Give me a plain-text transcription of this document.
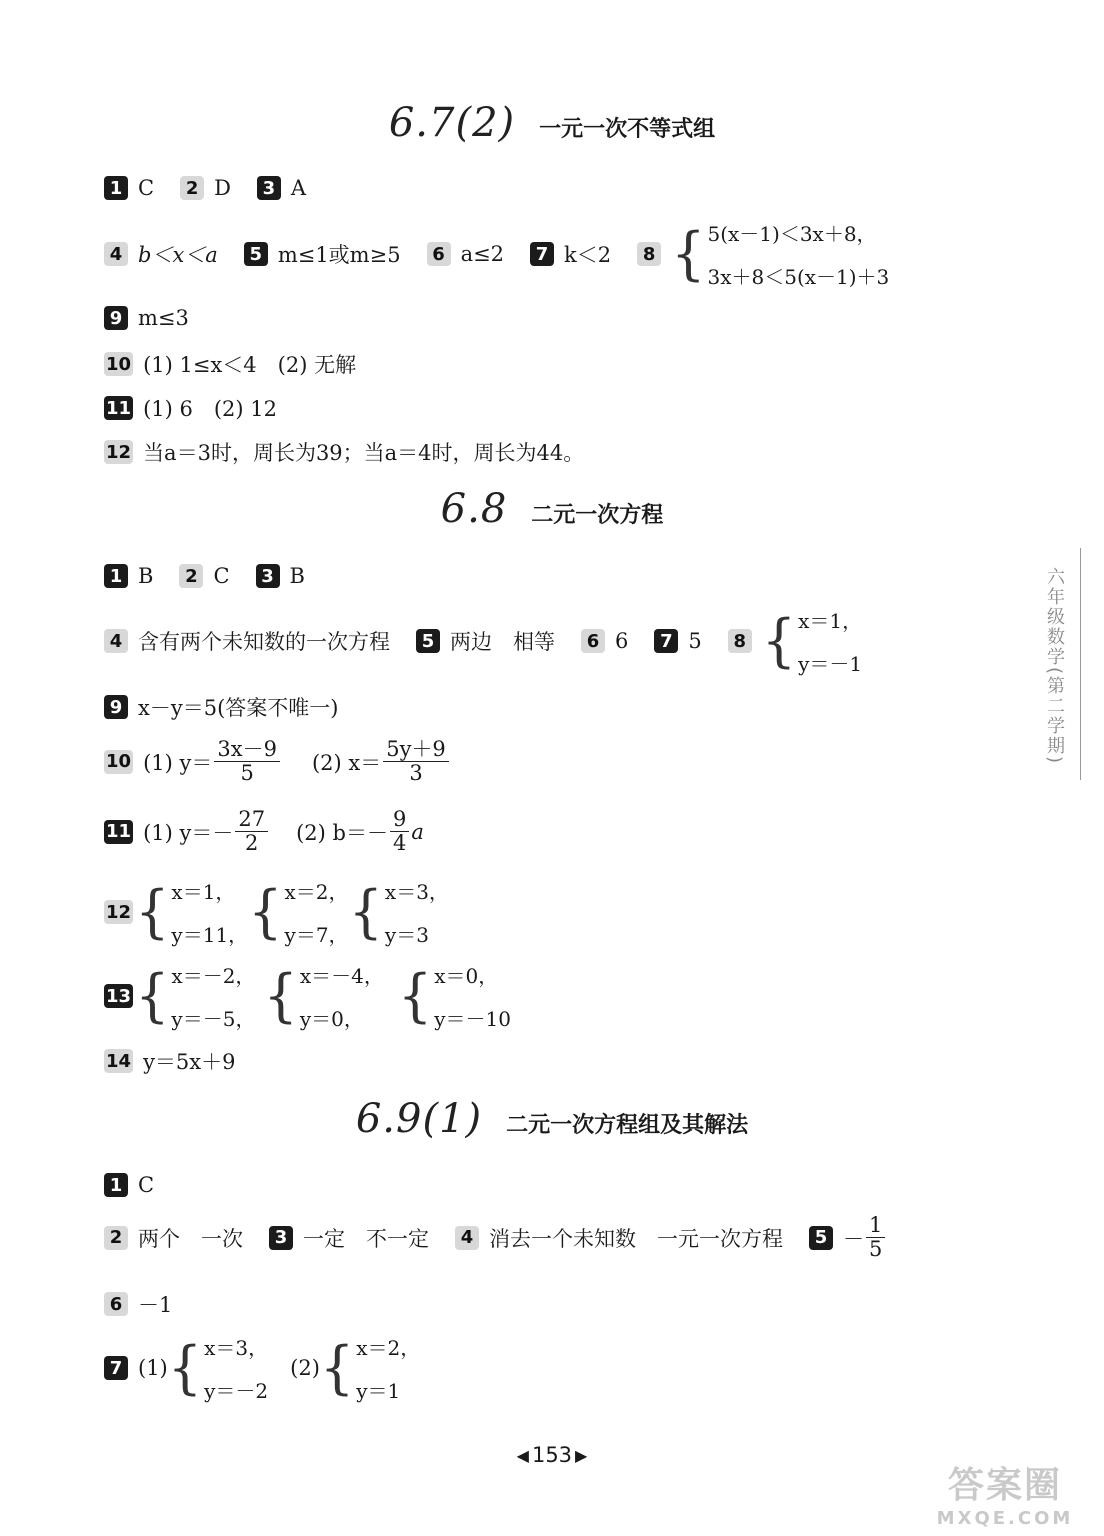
6.7(2) 一元一次不等式组
1 C	2 D	3 A
4 b＜x＜a	5 m≤1或m≥5	6 a≤2	7 k＜2	8 { 5(x－1)＜3x＋8，
3x＋8＜5(x－1)＋3
9 m≤3
10 (1) 1≤x＜4　(2) 无解
11 (1) 6　(2) 12
12 当a＝3时，周长为39；当a＝4时，周长为44。
6.8 二元一次方程
1 B	2 C	3 B
4 含有两个未知数的一次方程	5 两边　相等	6 6	7 5	8 { x＝1，
y＝－1
9 x－y＝5(答案不唯一)
10 (1) $y= \frac{3x-9}{5} (2)$ $x= \frac{5y+9}{3}$
11 (1) $y=- \frac{27}{2} (2)$ $b=- \frac{9}{4}$ a
12 { x＝1，
y＝11， { x＝2，
y＝7， { x＝3，
y＝3
13 { x＝－2，
y＝－5， { x＝－4，
y＝0， { x＝0，
y＝－10
14 y＝5x＋9
6.9(1) 二元一次方程组及其解法
1 C
2 两个　一次	3 一定　不一定	4 消去一个未知数　一元一次方程	$5 - \frac{1}{5}$
6 －1
7 (1) { x＝3，
y＝－2
(2) { x＝2，
y＝1
六年级数学(第二学期)
◀ 153 ▶
答案圈
MXQE.COM
